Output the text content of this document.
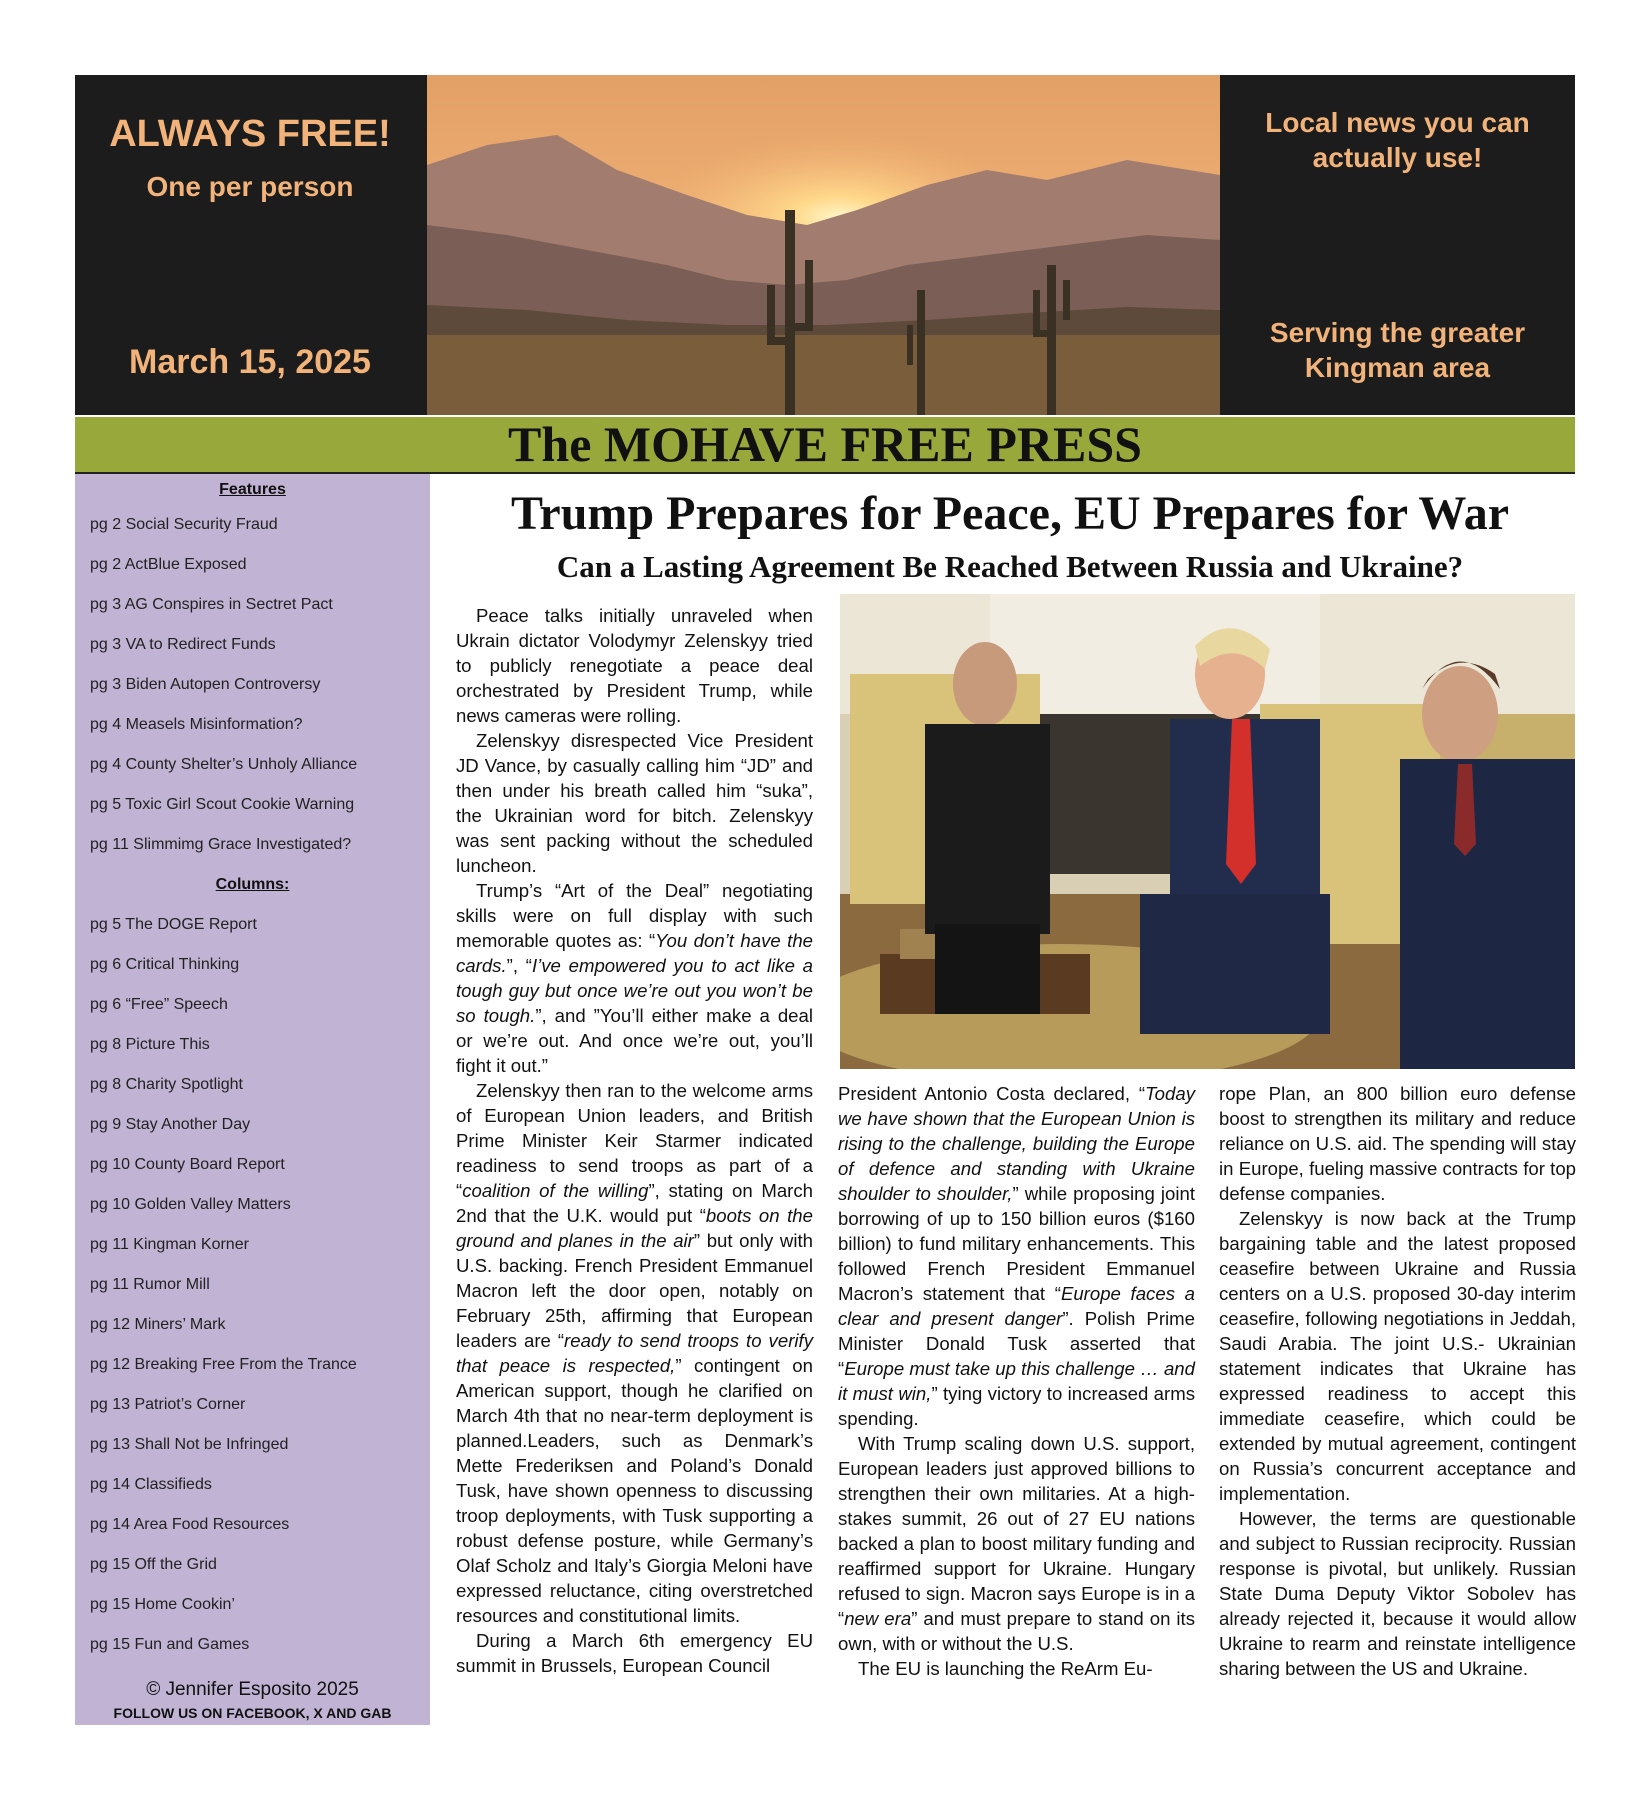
ALWAYS FREE!
One per person
March 15, 2025
Local news you can actually use!
Serving the greater Kingman area
The MOHAVE FREE PRESS
Features
pg 2 Social Security Fraud
pg 2 ActBlue Exposed
pg 3 AG Conspires in Sectret Pact
pg 3 VA to Redirect Funds
pg 3 Biden Autopen Controversy
pg 4 Measels Misinformation?
pg 4 County Shelter’s Unholy Alliance
pg 5 Toxic Girl Scout Cookie Warning
pg 11 Slimmimg Grace Investigated?
Columns:
pg 5 The DOGE Report
pg 6 Critical Thinking
pg 6 “Free” Speech
pg 8 Picture This
pg 8 Charity Spotlight
pg 9 Stay Another Day
pg 10 County Board Report
pg 10 Golden Valley Matters
pg 11 Kingman Korner
pg 11 Rumor Mill
pg 12 Miners’ Mark
pg 12 Breaking Free From the Trance
pg 13 Patriot’s Corner
pg 13 Shall Not be Infringed
pg 14 Classifieds
pg 14 Area Food Resources
pg 15 Off the Grid
pg 15 Home Cookin’
pg 15 Fun and Games
© Jennifer Esposito 2025
FOLLOW US ON FACEBOOK, X AND GAB
Trump Prepares for Peace, EU Prepares for War
Can a Lasting Agreement Be Reached Between Russia and Ukraine?

Peace talks initially unraveled when Ukrain dictator Volodymyr Zelenskyy tried to publicly renegotiate a peace deal orchestrated by President Trump, while news cameras were rolling.

Zelenskyy disrespected Vice President JD Vance, by casually calling him “JD” and then under his breath called him “suka”, the Ukrainian word for bitch. Zelenskyy was sent packing without the scheduled luncheon.

Trump’s “Art of the Deal” negotiating skills were on full display with such memorable quotes as: “You don’t have the cards.”, “I’ve empowered you to act like a tough guy but once we’re out you won’t be so tough.”, and ”You’ll either make a deal or we’re out. And once we’re out, you’ll fight it out.”

Zelenskyy then ran to the welcome arms of European Union leaders, and British Prime Minister Keir Starmer indicated readiness to send troops as part of a “coalition of the willing”, stating on March 2nd that the U.K. would put “boots on the ground and planes in the air” but only with U.S. backing. French President Emmanuel Macron left the door open, notably on February 25th, affirming that European leaders are “ready to send troops to verify that peace is respected,” contingent on American support, though he clarified on March 4th that no near-term deployment is planned.Leaders, such as Denmark’s Mette Frederiksen and Poland’s Donald Tusk, have shown openness to discussing troop deployments, with Tusk supporting a robust defense posture, while Germany’s Olaf Scholz and Italy’s Giorgia Meloni have expressed reluctance, citing overstretched resources and constitutional limits.

During a March 6th emergency EU summit in Brussels, European Council

President Antonio Costa declared, “Today we have shown that the European Union is rising to the challenge, building the Europe of defence and standing with Ukraine shoulder to shoulder,” while proposing joint borrowing of up to 150 billion euros ($160 billion) to fund military enhancements. This followed French President Emmanuel Macron’s statement that “Europe faces a clear and present danger”. Polish Prime Minister Donald Tusk asserted that “Europe must take up this challenge … and it must win,” tying victory to increased arms spending.

With Trump scaling down U.S. support, European leaders just approved billions to strengthen their own militaries. At a high-stakes summit, 26 out of 27 EU nations backed a plan to boost military funding and reaffirmed support for Ukraine. Hungary refused to sign. Macron says Europe is in a “new era” and must prepare to stand on its own, with or without the U.S.

The EU is launching the ReArm Eu-

rope Plan, an 800 billion euro defense boost to strengthen its military and reduce reliance on U.S. aid. The spending will stay in Europe, fueling massive contracts for top defense companies.

Zelenskyy is now back at the Trump bargaining table and the latest proposed ceasefire between Ukraine and Russia centers on a U.S. proposed 30-day interim ceasefire, following negotiations in Jeddah, Saudi Arabia. The joint U.S.- Ukrainian statement indicates that Ukraine has expressed readiness to accept this immediate ceasefire, which could be extended by mutual agreement, contingent on Russia’s concurrent acceptance and implementation.

However, the terms are questionable and subject to Russian reciprocity. Russian response is pivotal, but unlikely. Russian State Duma Deputy Viktor Sobolev has already rejected it, because it would allow Ukraine to rearm and reinstate intelligence sharing between the US and Ukraine.
